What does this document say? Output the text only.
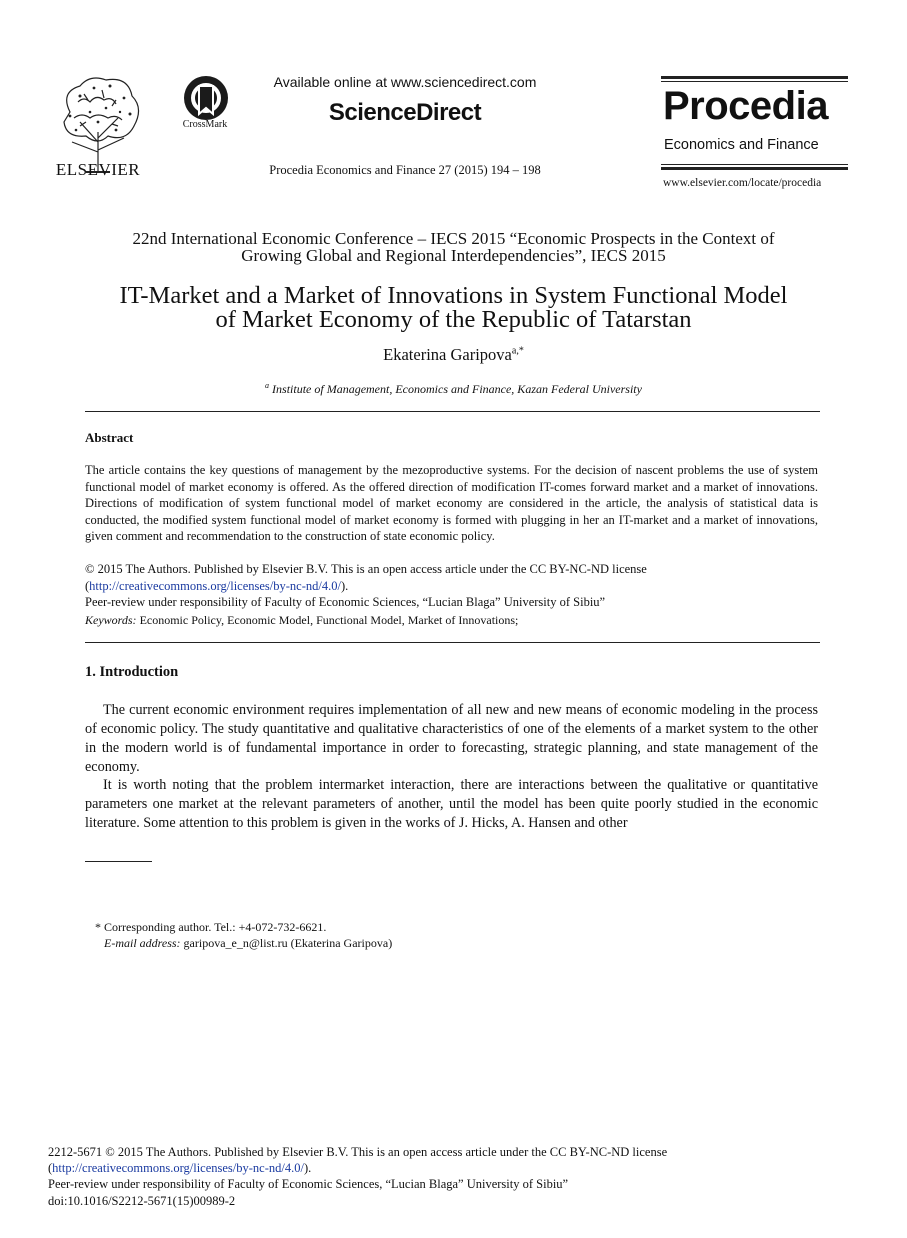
ELSEVIER
CrossMark
Available online at www.sciencedirect.com
ScienceDirect
Procedia Economics and Finance 27 (2015) 194 – 198
Procedia
Economics and Finance
www.elsevier.com/locate/procedia
22nd International Economic Conference – IECS 2015 “Economic Prospects in the Context of
Growing Global and Regional Interdependencies”, IECS 2015
IT-Market and a Market of Innovations in System Functional Model
of Market Economy of the Republic of Tatarstan
Ekaterina Garipova$^{a,*}$
$^a$ Institute of Management, Economics and Finance, Kazan Federal University
Abstract
The article contains the key questions of management by the mezoproductive systems. For the decision of nascent problems the use of system functional model of market economy is offered. As the offered direction of modification IT-comes forward market and a market of innovations. Directions of modification of system functional model of market economy are considered in the article, the analysis of statistical data is conducted, the modified system functional model of market economy is formed with plugging in her an IT-market and a market of innovations, given comment and recommendation to the construction of state economic policy.
© 2015 The Authors. Published by Elsevier B.V. This is an open access article under the CC BY-NC-ND license
(http://creativecommons.org/licenses/by-nc-nd/4.0/).
Peer-review under responsibility of Faculty of Economic Sciences, “Lucian Blaga” University of Sibiu”
Keywords: Economic Policy, Economic Model, Functional Model, Market of Innovations;
1. Introduction
The current economic environment requires implementation of all new and new means of economic modeling in the process of economic policy. The study quantitative and qualitative characteristics of one of the elements of a market system to the other in the modern world is of fundamental importance in order to forecasting, strategic planning, and state management of the economy.
It is worth noting that the problem intermarket interaction, there are interactions between the qualitative or quantitative parameters one market at the relevant parameters of another, until the model has been quite poorly studied in the economic literature. Some attention to this problem is given in the works of J. Hicks, A. Hansen and other
* Corresponding author. Tel.: +4-072-732-6621.
E-mail address: garipova_e_n@list.ru (Ekaterina Garipova)
2212-5671 © 2015 The Authors. Published by Elsevier B.V. This is an open access article under the CC BY-NC-ND license
(http://creativecommons.org/licenses/by-nc-nd/4.0/).
Peer-review under responsibility of Faculty of Economic Sciences, “Lucian Blaga” University of Sibiu”
doi:10.1016/S2212-5671(15)00989-2
